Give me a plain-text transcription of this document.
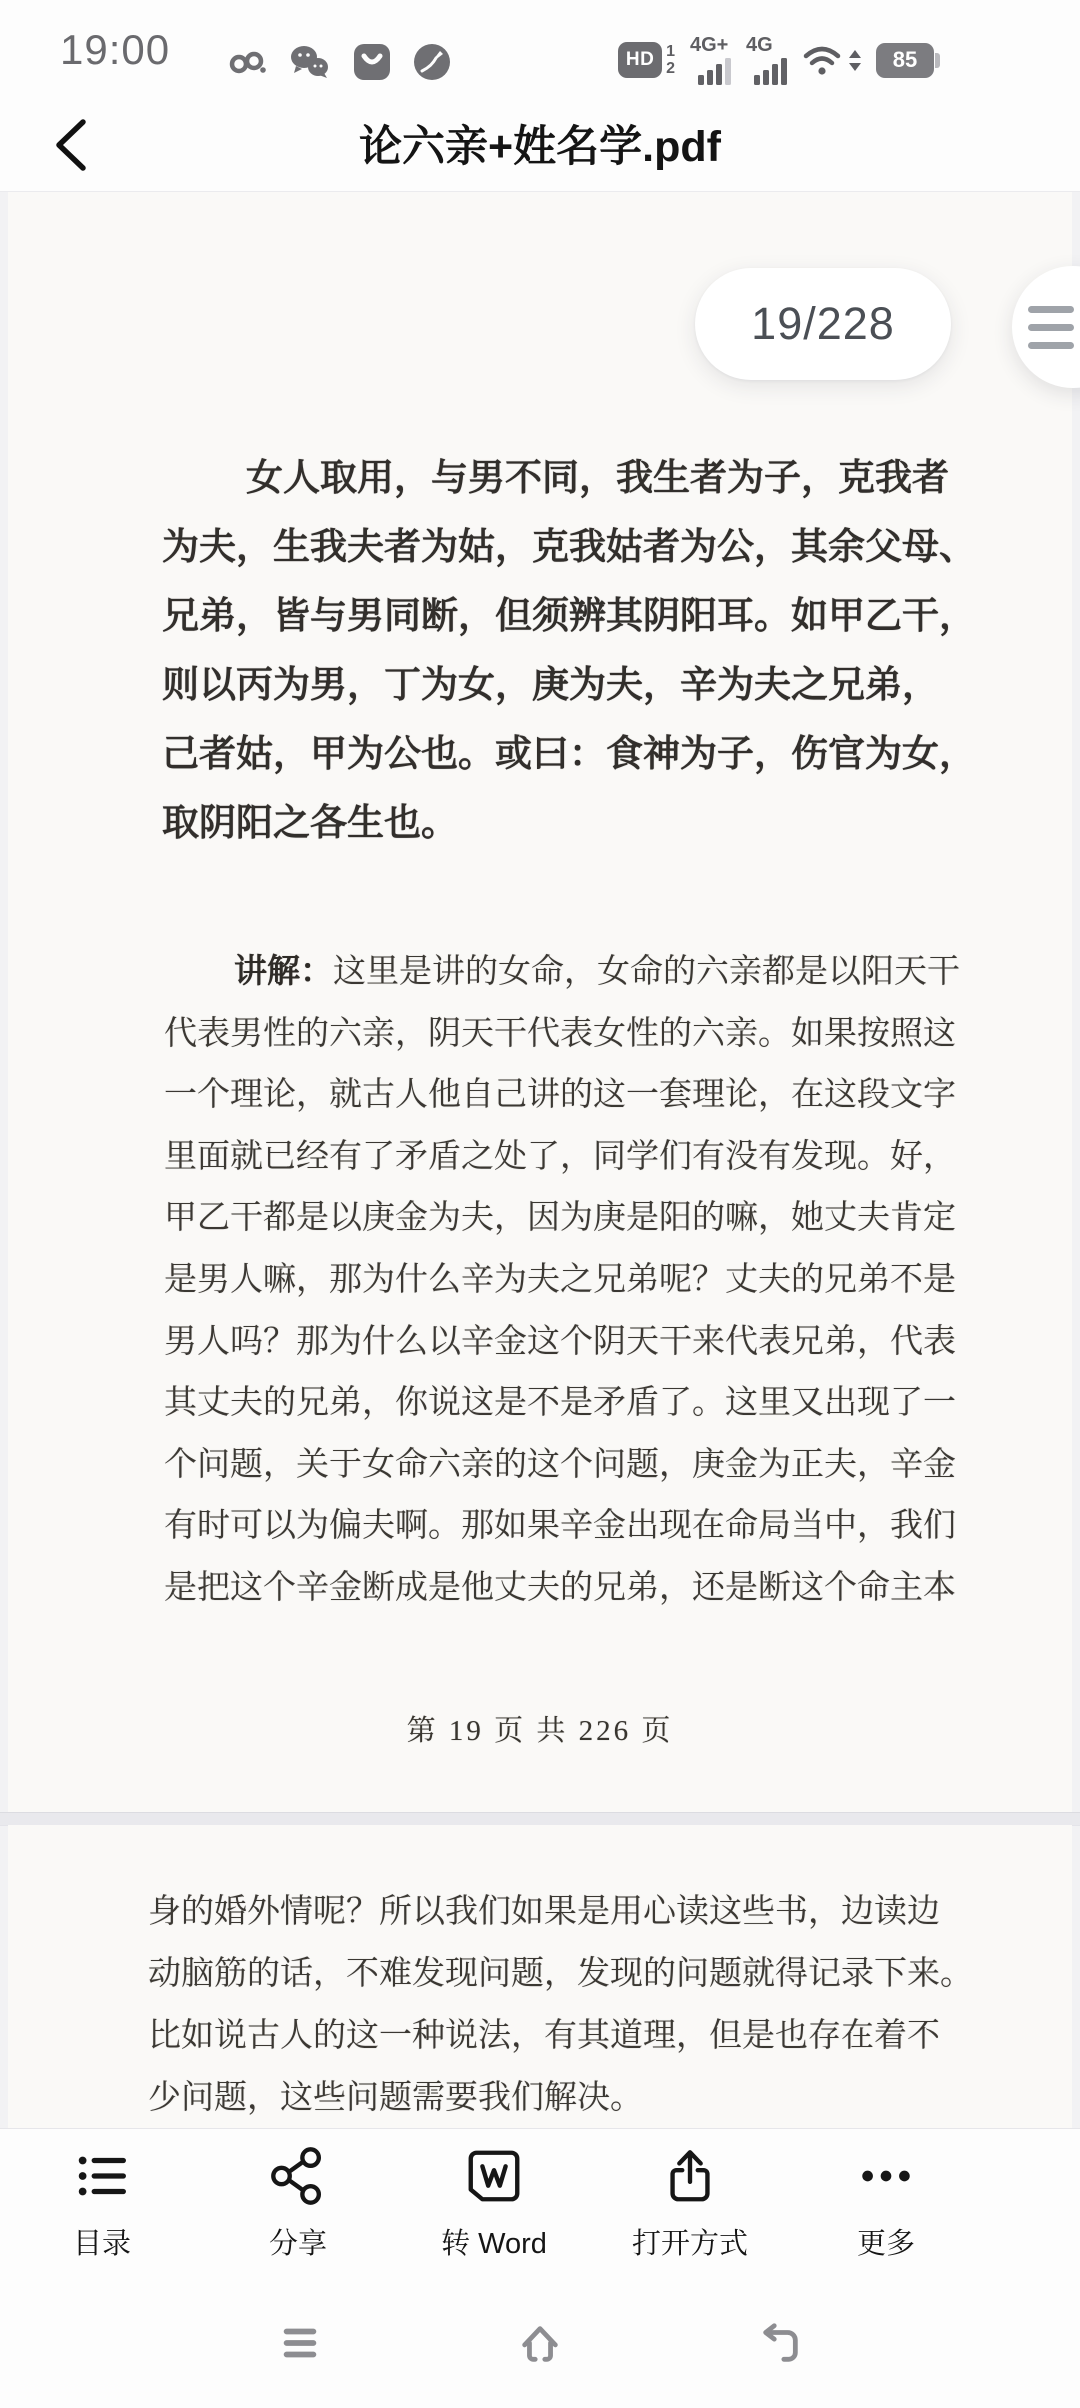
19:00	HD 1
2
4G+ 4G
85
论六亲+姓名学.pdf
女人取用，与男不同，我生者为子，克我者
为夫，生我夫者为姑，克我姑者为公，其余父母、
兄弟，皆与男同断，但须辨其阴阳耳。如甲乙干，
则以丙为男，丁为女，庚为夫，辛为夫之兄弟，
己者姑，甲为公也。或曰：食神为子，伤官为女，
取阴阳之各生也。
讲解：这里是讲的女命，女命的六亲都是以阳天干
代表男性的六亲，阴天干代表女性的六亲。如果按照这
一个理论，就古人他自己讲的这一套理论，在这段文字
里面就已经有了矛盾之处了，同学们有没有发现。好，
甲乙干都是以庚金为夫，因为庚是阳的嘛，她丈夫肯定
是男人嘛，那为什么辛为夫之兄弟呢？丈夫的兄弟不是
男人吗？那为什么以辛金这个阴天干来代表兄弟，代表
其丈夫的兄弟，你说这是不是矛盾了。这里又出现了一
个问题，关于女命六亲的这个问题，庚金为正夫，辛金
有时可以为偏夫啊。那如果辛金出现在命局当中，我们
是把这个辛金断成是他丈夫的兄弟，还是断这个命主本
第 19 页 共 226 页
身的婚外情呢？所以我们如果是用心读这些书，边读边
动脑筋的话，不难发现问题，发现的问题就得记录下来。
比如说古人的这一种说法，有其道理，但是也存在着不
少问题，这些问题需要我们解决。
19/228
目录	分享	转 Word	打开方式	更多
